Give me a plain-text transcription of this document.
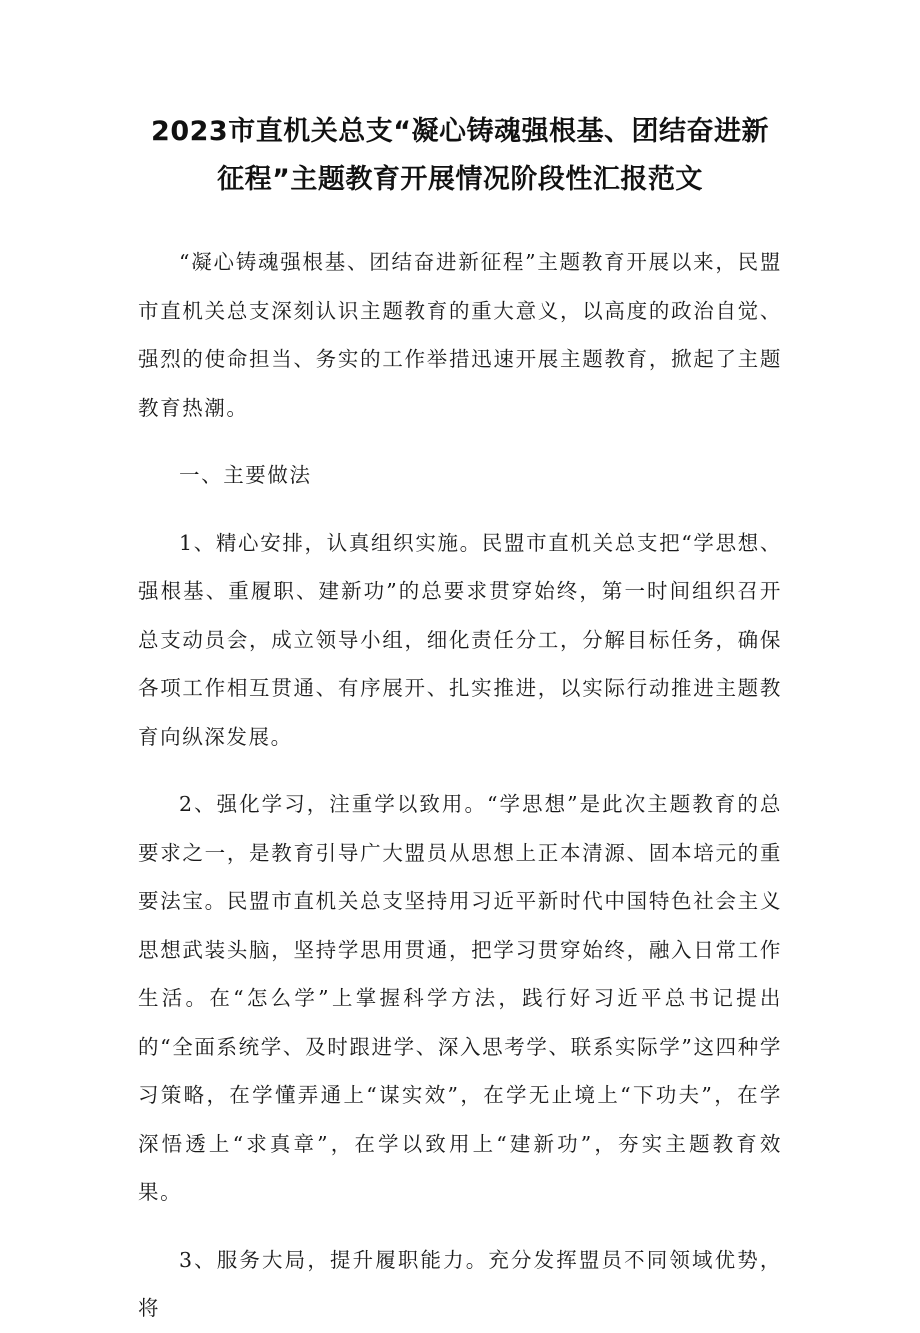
2023市直机关总支“凝心铸魂强根基、团结奋进新征程”主题教育开展情况阶段性汇报范文

“凝心铸魂强根基、团结奋进新征程”主题教育开展以来，民盟市直机关总支深刻认识主题教育的重大意义，以高度的政治自觉、强烈的使命担当、务实的工作举措迅速开展主题教育，掀起了主题教育热潮。

一、主要做法

1、精心安排，认真组织实施。民盟市直机关总支把“学思想、强根基、重履职、建新功”的总要求贯穿始终，第一时间组织召开总支动员会，成立领导小组，细化责任分工，分解目标任务，确保各项工作相互贯通、有序展开、扎实推进，以实际行动推进主题教育向纵深发展。

2、强化学习，注重学以致用。“学思想”是此次主题教育的总要求之一，是教育引导广大盟员从思想上正本清源、固本培元的重要法宝。民盟市直机关总支坚持用习近平新时代中国特色社会主义思想武装头脑，坚持学思用贯通，把学习贯穿始终，融入日常工作生活。在“怎么学”上掌握科学方法，践行好习近平总书记提出的“全面系统学、及时跟进学、深入思考学、联系实际学”这四种学习策略，在学懂弄通上“谋实效”，在学无止境上“下功夫”，在学深悟透上“求真章”，在学以致用上“建新功”，夯实主题教育效果。

3、服务大局，提升履职能力。充分发挥盟员不同领域优势，将
